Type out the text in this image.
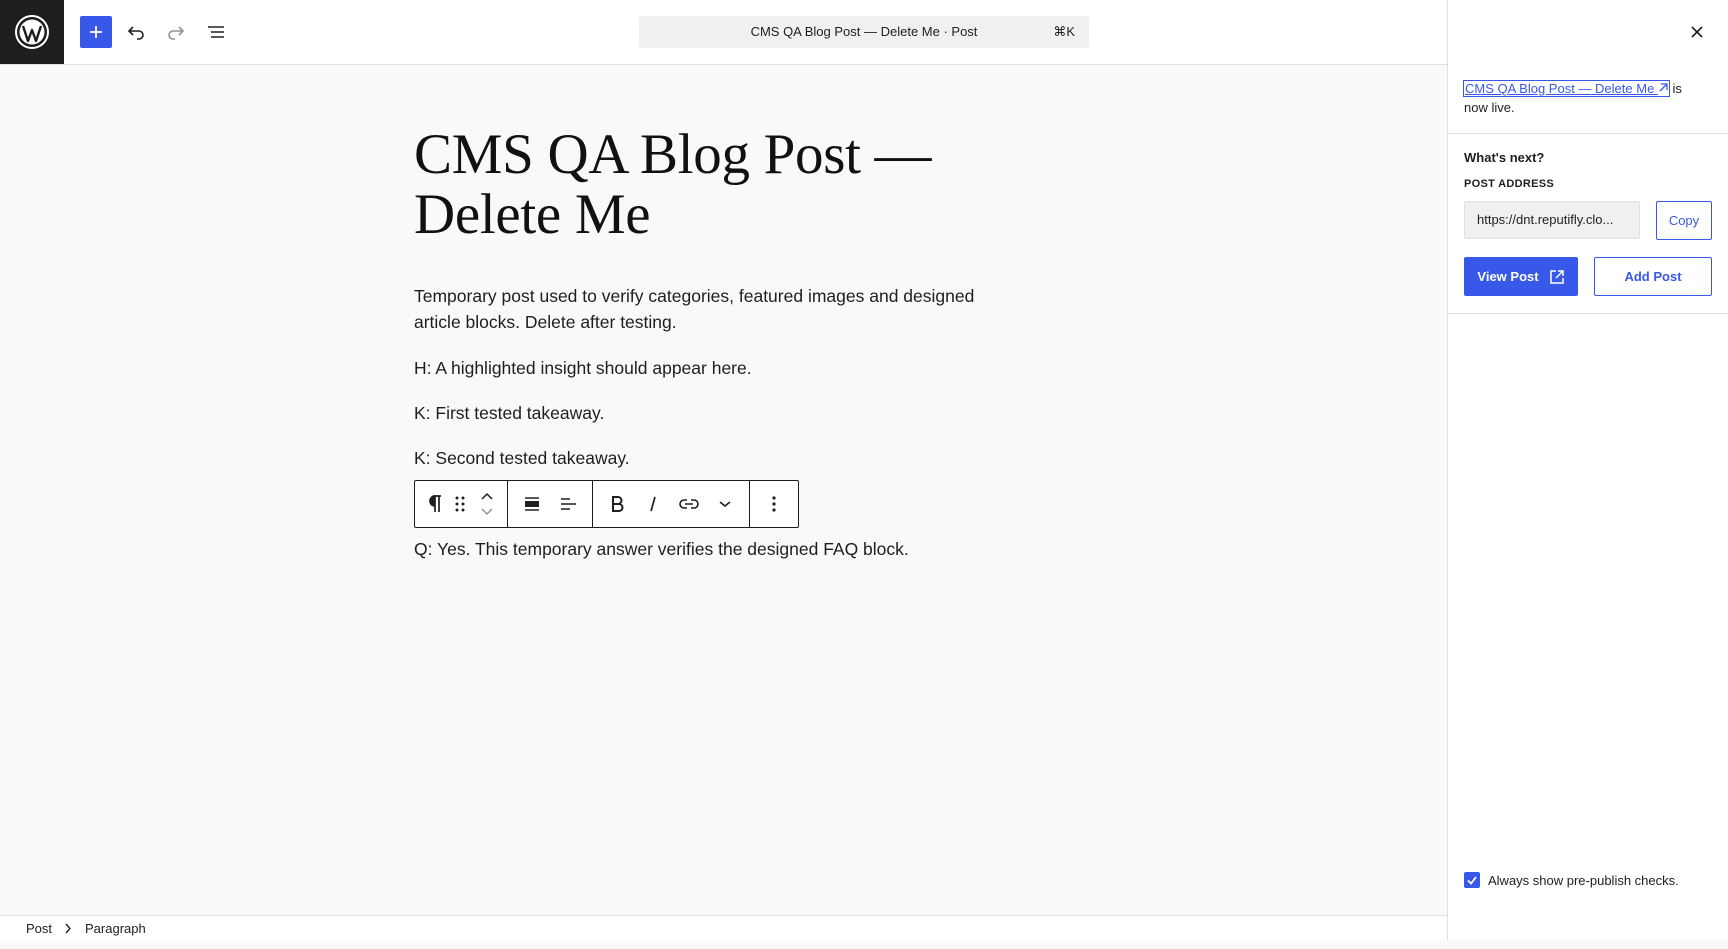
CMS QA Blog Post — Delete Me · Post	⌘K
CMS QA Blog Post — Delete Me

Temporary post used to verify categories, featured images and designed article blocks. Delete after testing.

H: A highlighted insight should appear here.

K: First tested takeaway.

K: Second tested takeaway.

Q: Yes. This temporary answer verifies the designed FAQ block.

Post	Paragraph
CMS QA Blog Post — Delete Me  is now live.
What's next?
POST ADDRESS
https://dnt.reputifly.clo...	Copy
View Post	Add Post
Always show pre-publish checks.
